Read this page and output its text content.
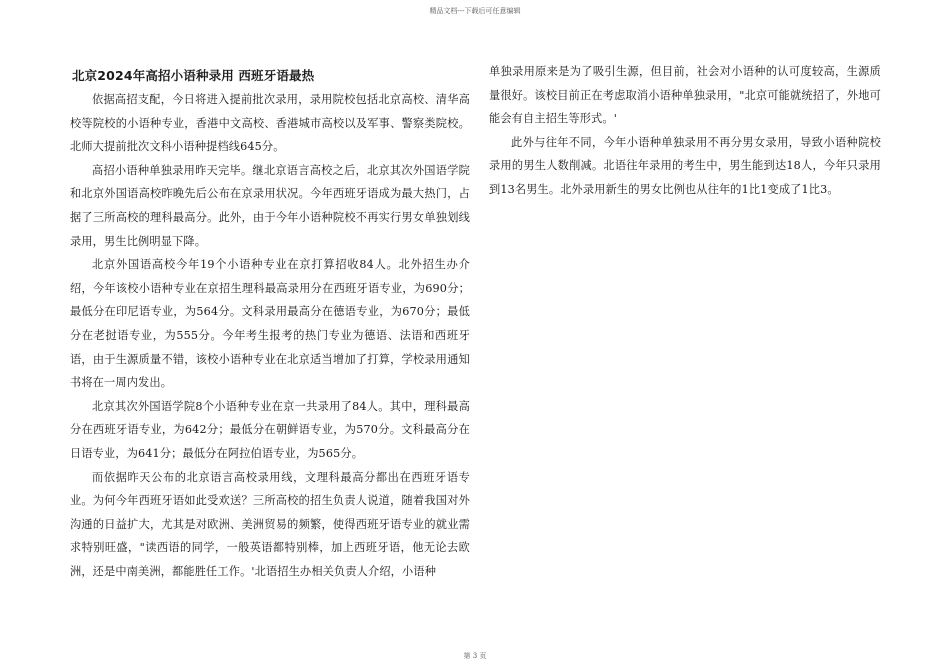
精品文档---下载后可任意编辑
北京2024年高招小语种录用 西班牙语最热

依据高招支配，今日将进入提前批次录用，录用院校包括北京高校、清华高校等院校的小语种专业，香港中文高校、香港城市高校以及军事、警察类院校。北师大提前批次文科小语种提档线645分。

高招小语种单独录用昨天完毕。继北京语言高校之后，北京其次外国语学院和北京外国语高校昨晚先后公布在京录用状况。今年西班牙语成为最大热门，占据了三所高校的理科最高分。此外，由于今年小语种院校不再实行男女单独划线录用，男生比例明显下降。

北京外国语高校今年19个小语种专业在京打算招收84人。北外招生办介绍，今年该校小语种专业在京招生理科最高录用分在西班牙语专业，为690分；最低分在印尼语专业，为564分。文科录用最高分在德语专业，为670分；最低分在老挝语专业，为555分。今年考生报考的热门专业为德语、法语和西班牙语，由于生源质量不错，该校小语种专业在北京适当增加了打算，学校录用通知书将在一周内发出。

北京其次外国语学院8个小语种专业在京一共录用了84人。其中，理科最高分在西班牙语专业，为642分；最低分在朝鲜语专业，为570分。文科最高分在日语专业，为641分；最低分在阿拉伯语专业，为565分。

而依据昨天公布的北京语言高校录用线，文理科最高分都出在西班牙语专业。为何今年西班牙语如此受欢送？三所高校的招生负责人说道，随着我国对外沟通的日益扩大，尤其是对欧洲、美洲贸易的频繁，使得西班牙语专业的就业需求特别旺盛，"读西语的同学，一般英语都特别棒，加上西班牙语，他无论去欧洲，还是中南美洲，都能胜任工作。'北语招生办相关负责人介绍，小语种

单独录用原来是为了吸引生源，但目前，社会对小语种的认可度较高，生源质量很好。该校目前正在考虑取消小语种单独录用，"北京可能就统招了，外地可能会有自主招生等形式。'

此外与往年不同，今年小语种单独录用不再分男女录用，导致小语种院校录用的男生人数削减。北语往年录用的考生中，男生能到达18人，今年只录用到13名男生。北外录用新生的男女比例也从往年的1比1变成了1比3。

第 3 页
